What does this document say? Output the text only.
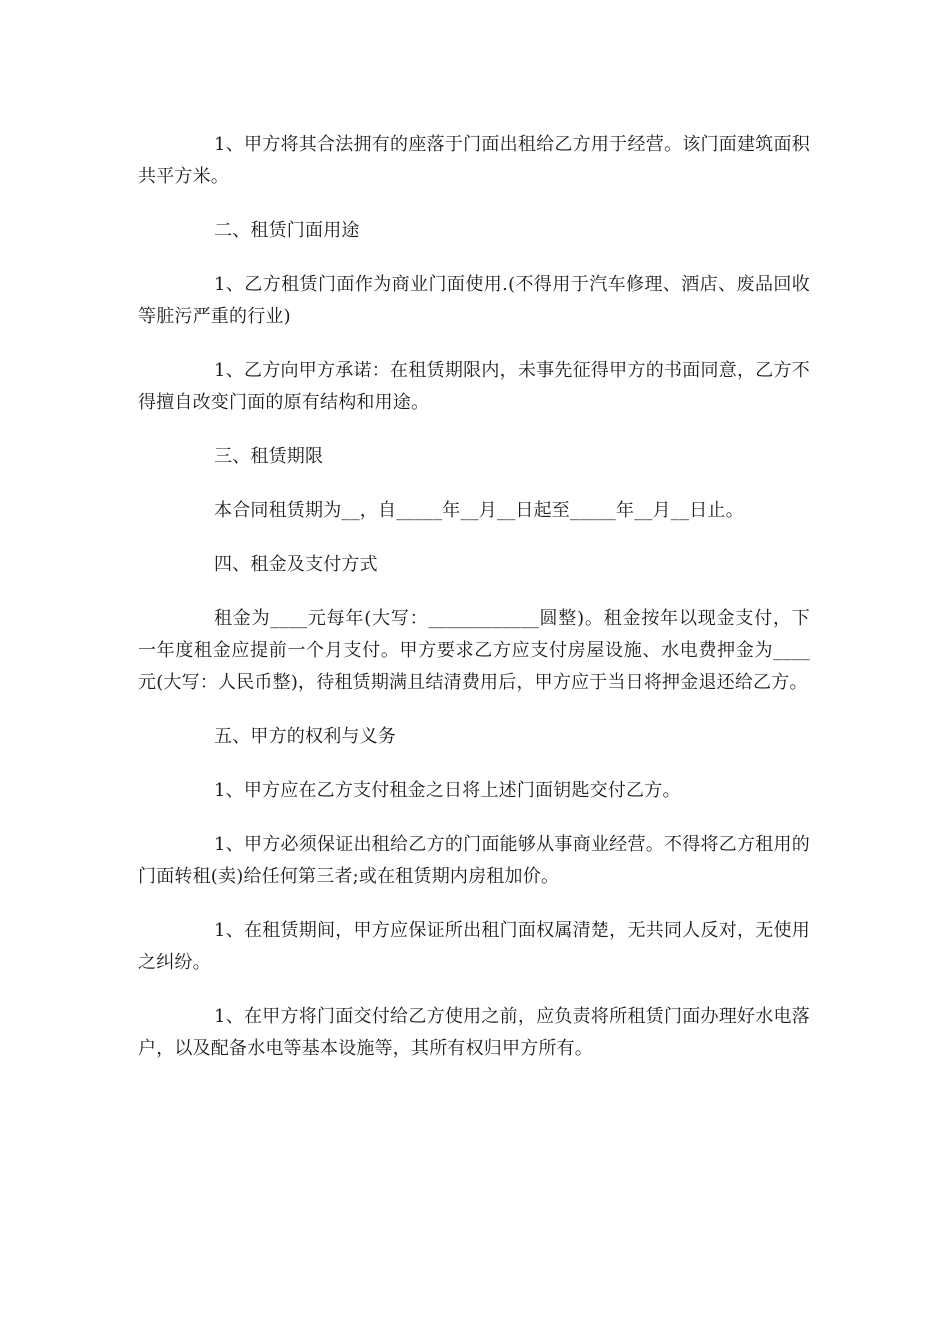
1、甲方将其合法拥有的座落于门面出租给乙方用于经营。该门面建筑面积共平方米。

二、租赁门面用途

1、乙方租赁门面作为商业门面使用.(不得用于汽车修理、酒店、废品回收等脏污严重的行业)

1、乙方向甲方承诺：在租赁期限内，未事先征得甲方的书面同意，乙方不得擅自改变门面的原有结构和用途。

三、租赁期限

本合同租赁期为__，自_____年__月__日起至_____年__月__日止。

四、租金及支付方式

租金为____元每年(大写：____________圆整)。租金按年以现金支付，下一年度租金应提前一个月支付。甲方要求乙方应支付房屋设施、水电费押金为____元(大写：人民币整)，待租赁期满且结清费用后，甲方应于当日将押金退还给乙方。

五、甲方的权利与义务

1、甲方应在乙方支付租金之日将上述门面钥匙交付乙方。

1、甲方必须保证出租给乙方的门面能够从事商业经营。不得将乙方租用的门面转租(卖)给任何第三者;或在租赁期内房租加价。

1、在租赁期间，甲方应保证所出租门面权属清楚，无共同人反对，无使用之纠纷。

1、在甲方将门面交付给乙方使用之前，应负责将所租赁门面办理好水电落户，以及配备水电等基本设施等，其所有权归甲方所有。
